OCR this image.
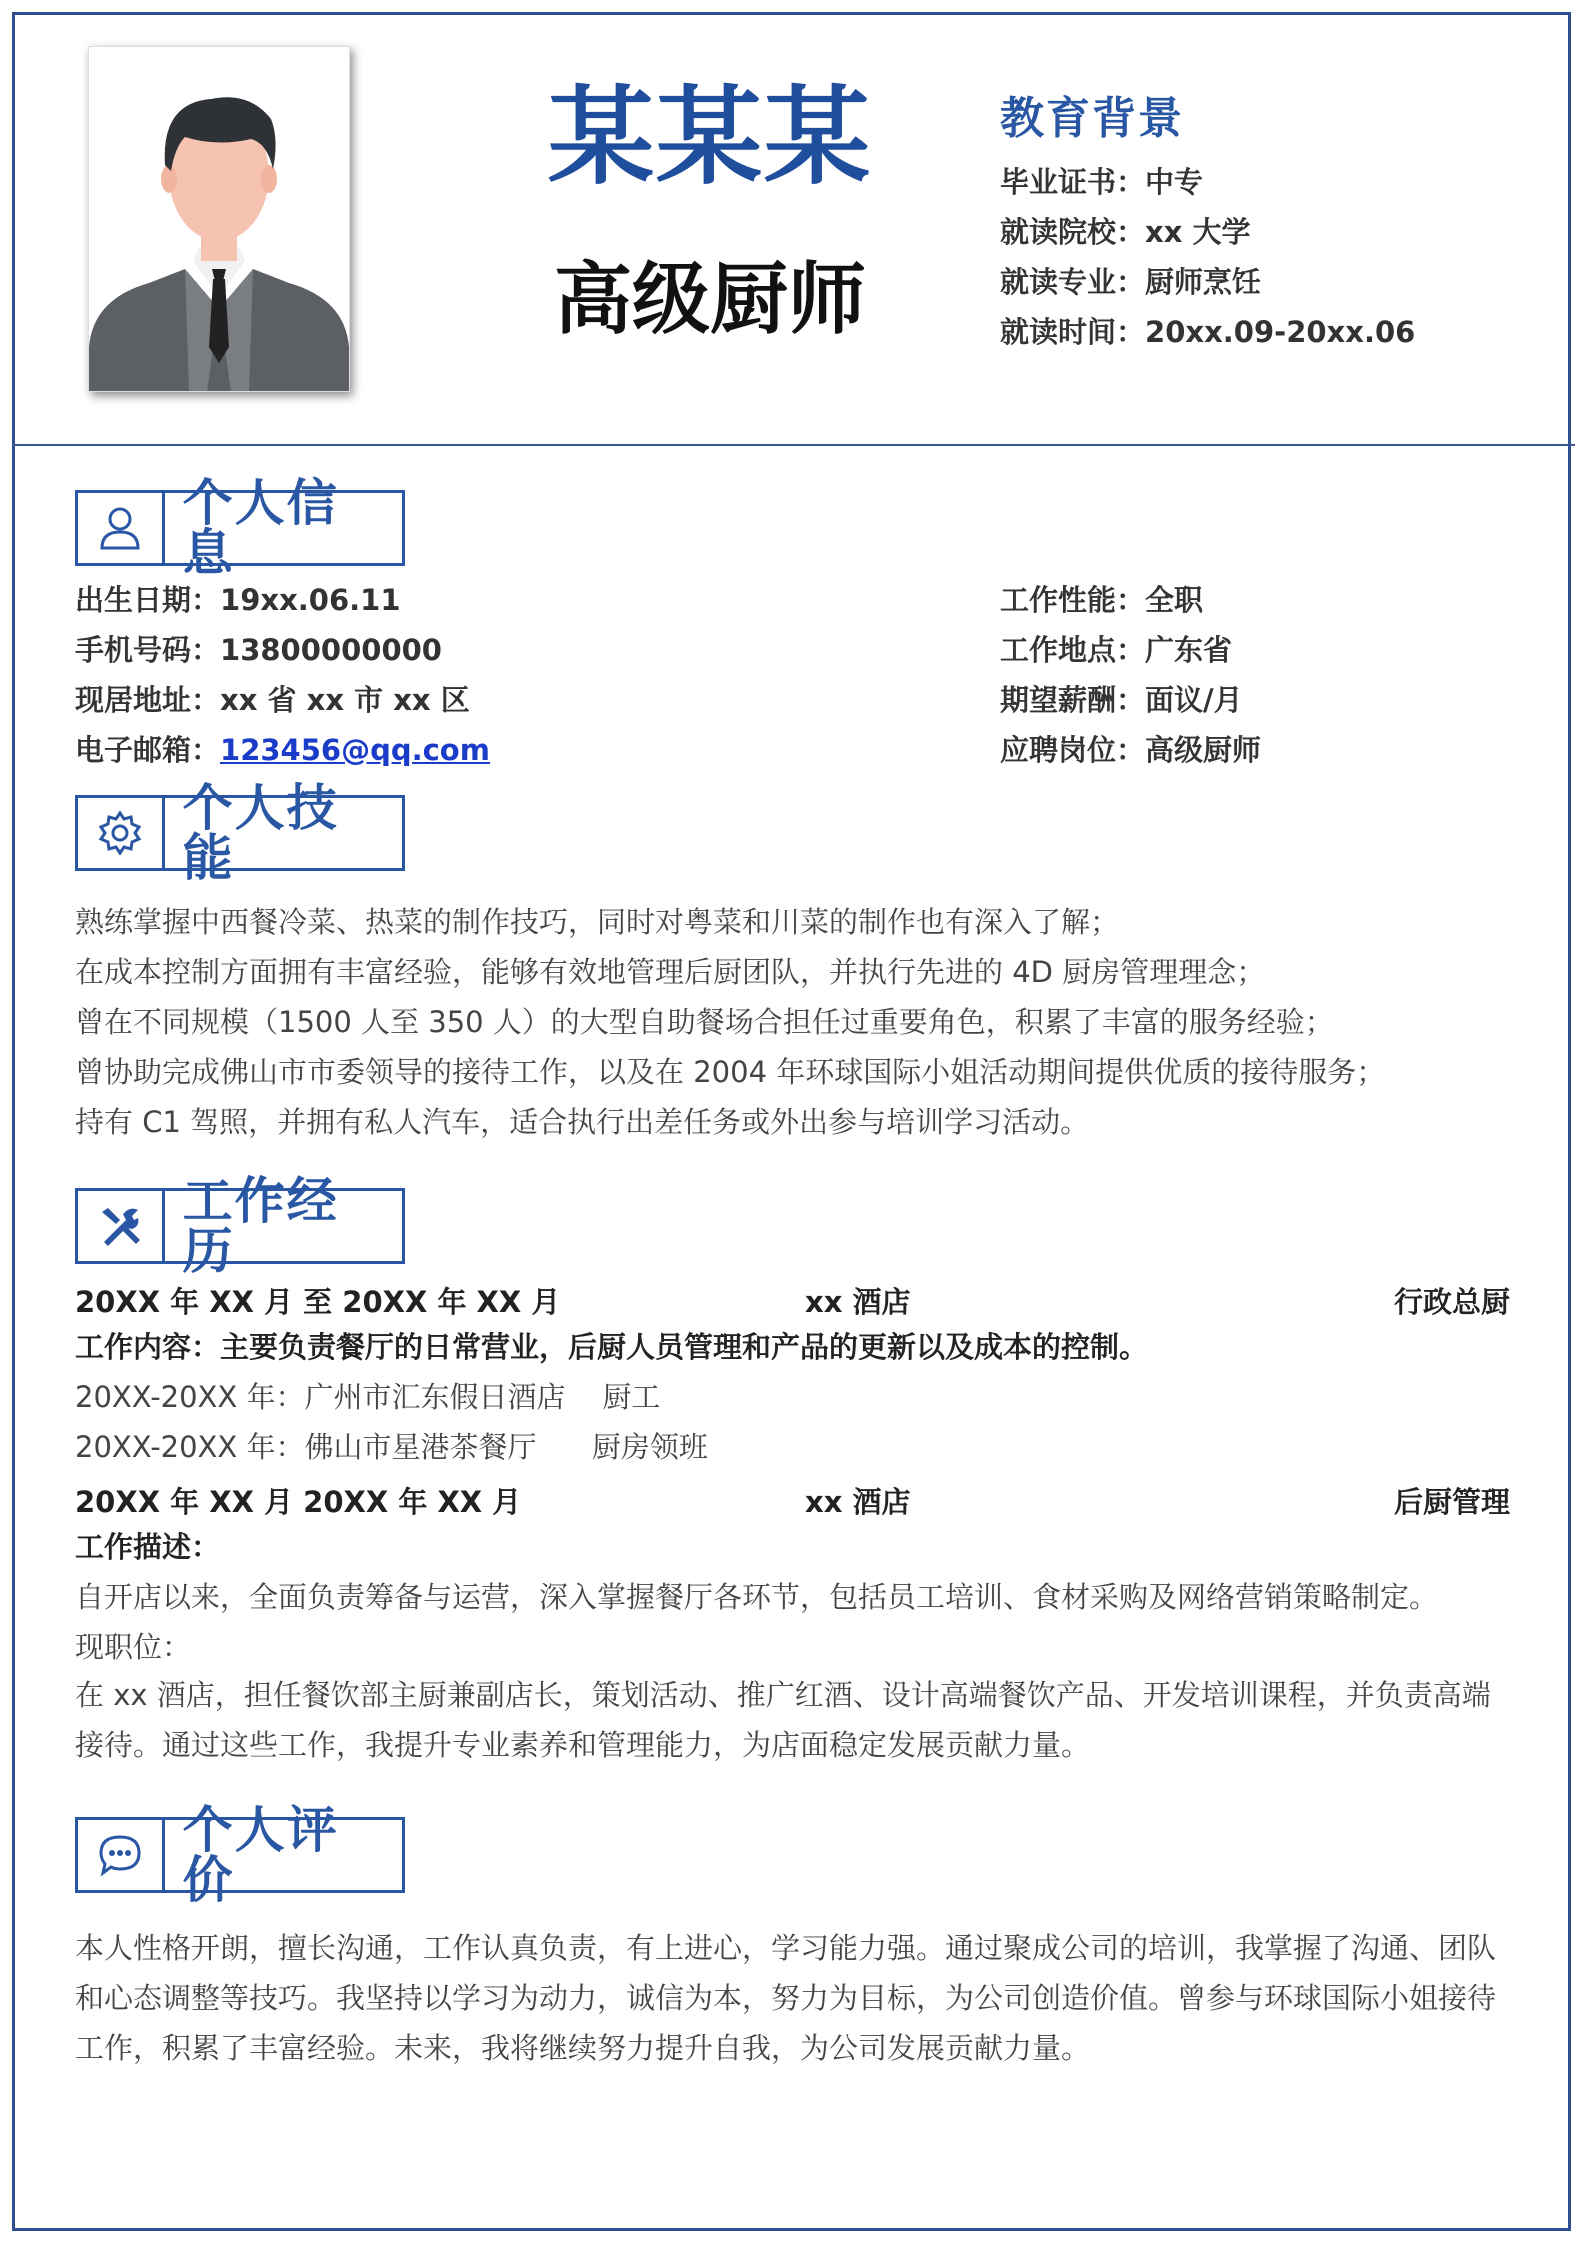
某某某
高级厨师
教育背景
毕业证书：中专
就读院校：xx 大学
就读专业：厨师烹饪
就读时间：20xx.09-20xx.06
个人信息
出生日期：19xx.06.11
手机号码：13800000000
现居地址：xx 省 xx 市 xx 区
电子邮箱：123456@qq.com
工作性能：全职
工作地点：广东省
期望薪酬：面议/月
应聘岗位：高级厨师
个人技能
熟练掌握中西餐冷菜、热菜的制作技巧，同时对粤菜和川菜的制作也有深入了解；
在成本控制方面拥有丰富经验，能够有效地管理后厨团队，并执行先进的 4D 厨房管理理念；
曾在不同规模（1500 人至 350 人）的大型自助餐场合担任过重要角色，积累了丰富的服务经验；
曾协助完成佛山市市委领导的接待工作，以及在 2004 年环球国际小姐活动期间提供优质的接待服务；
持有 C1 驾照，并拥有私人汽车，适合执行出差任务或外出参与培训学习活动。
工作经历
20XX 年 XX 月 至 20XX 年 XX 月	xx 酒店	行政总厨
工作内容：主要负责餐厅的日常营业，后厨人员管理和产品的更新以及成本的控制。
20XX-20XX 年：广州市汇东假日酒店    厨工
20XX-20XX 年：佛山市星港茶餐厅      厨房领班
20XX 年 XX 月 20XX 年 XX 月	xx 酒店	后厨管理
工作描述：
自开店以来，全面负责筹备与运营，深入掌握餐厅各环节，包括员工培训、食材采购及网络营销策略制定。
现职位：
在 xx 酒店，担任餐饮部主厨兼副店长，策划活动、推广红酒、设计高端餐饮产品、开发培训课程，并负责高端接待。通过这些工作，我提升专业素养和管理能力，为店面稳定发展贡献力量。
个人评价
本人性格开朗，擅长沟通，工作认真负责，有上进心，学习能力强。通过聚成公司的培训，我掌握了沟通、团队和心态调整等技巧。我坚持以学习为动力，诚信为本，努力为目标，为公司创造价值。曾参与环球国际小姐接待工作，积累了丰富经验。未来，我将继续努力提升自我，为公司发展贡献力量。
